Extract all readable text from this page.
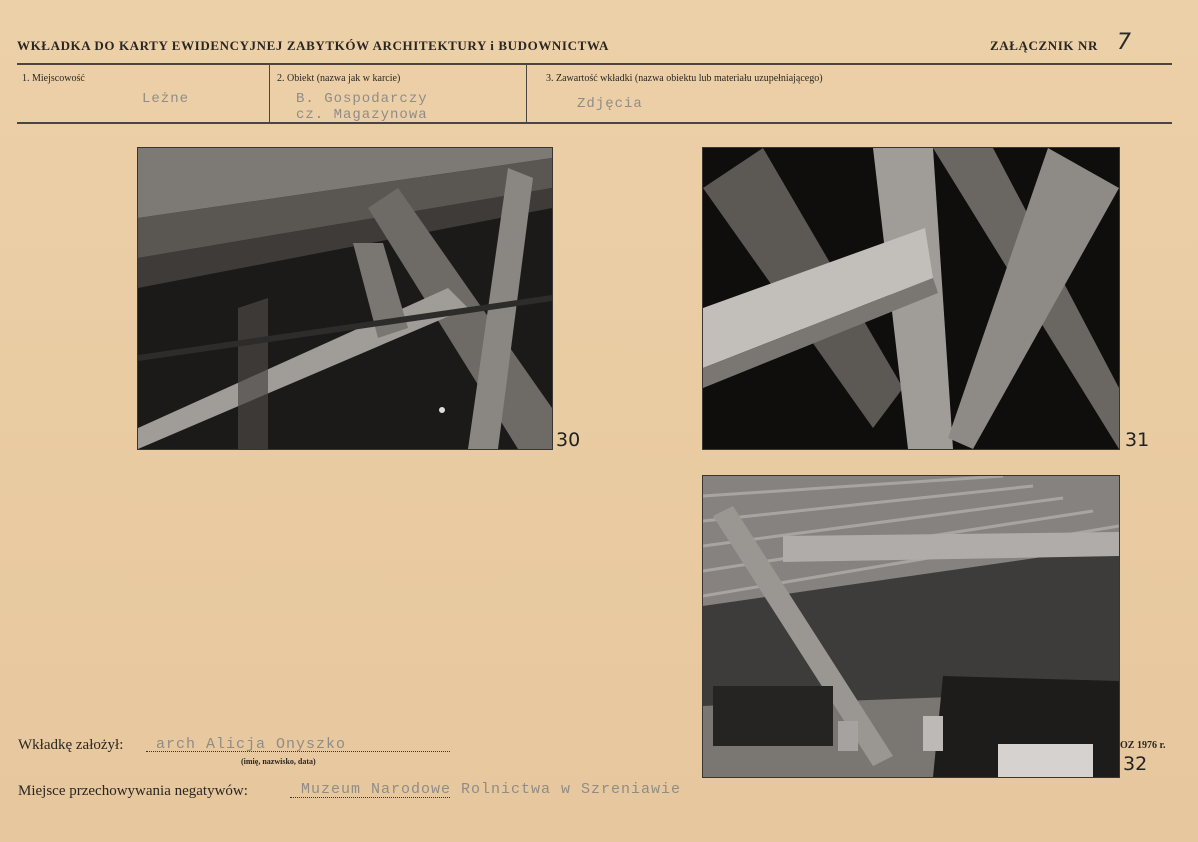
WKŁADKA DO KARTY EWIDENCYJNEJ ZABYTKÓW ARCHITEKTURY i BUDOWNICTWA	ZAŁĄCZNIK NR 7
1. Miejscowość
Leżne
2. Obiekt (nazwa jak w karcie)
B. Gospodarczy
cz. Magazynowa
3. Zawartość wkładki (nazwa obiektu lub materiału uzupełniającego)
Zdjęcia
30	31
32
OZ 1976 r.
Wkładkę założył: arch Alicja Onyszko
(imię, nazwisko, data)
Miejsce przechowywania negatywów:	Muzeum Narodowe Rolnictwa w Szreniawie
